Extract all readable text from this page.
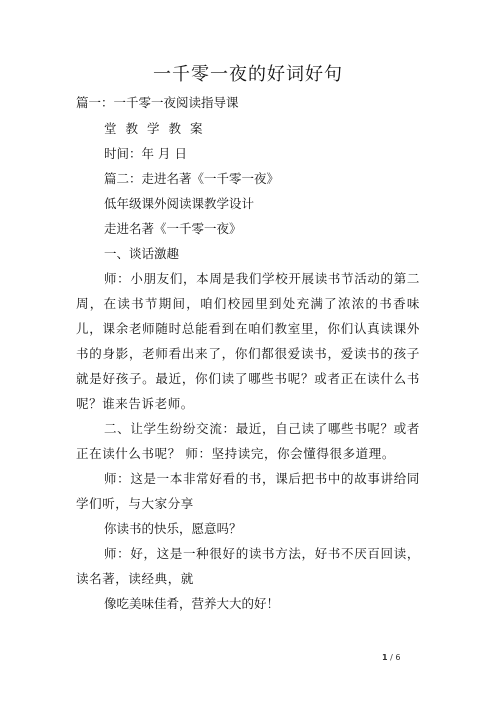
一千零一夜的好词好句
篇一：一千零一夜阅读指导课
堂教学教案
时间：年 月 日
篇二：走进名著《一千零一夜》
低年级课外阅读课教学设计
走进名著《一千零一夜》
一、谈话激趣
师：小朋友们，本周是我们学校开展读书节活动的第二周，在读书节期间，咱们校园里到处充满了浓浓的书香味儿，课余老师随时总能看到在咱们教室里，你们认真读课外书的身影，老师看出来了，你们都很爱读书，爱读书的孩子就是好孩子。最近，你们读了哪些书呢？或者正在读什么书呢？谁来告诉老师。
二、让学生纷纷交流：最近，自己读了哪些书呢？或者正在读什么书呢？ 师：坚持读完，你会懂得很多道理。
师：这是一本非常好看的书，课后把书中的故事讲给同学们听，与大家分享
你读书的快乐，愿意吗？
师：好，这是一种很好的读书方法，好书不厌百回读，读名著，读经典，就
像吃美味佳肴，营养大大的好！
1 / 6
